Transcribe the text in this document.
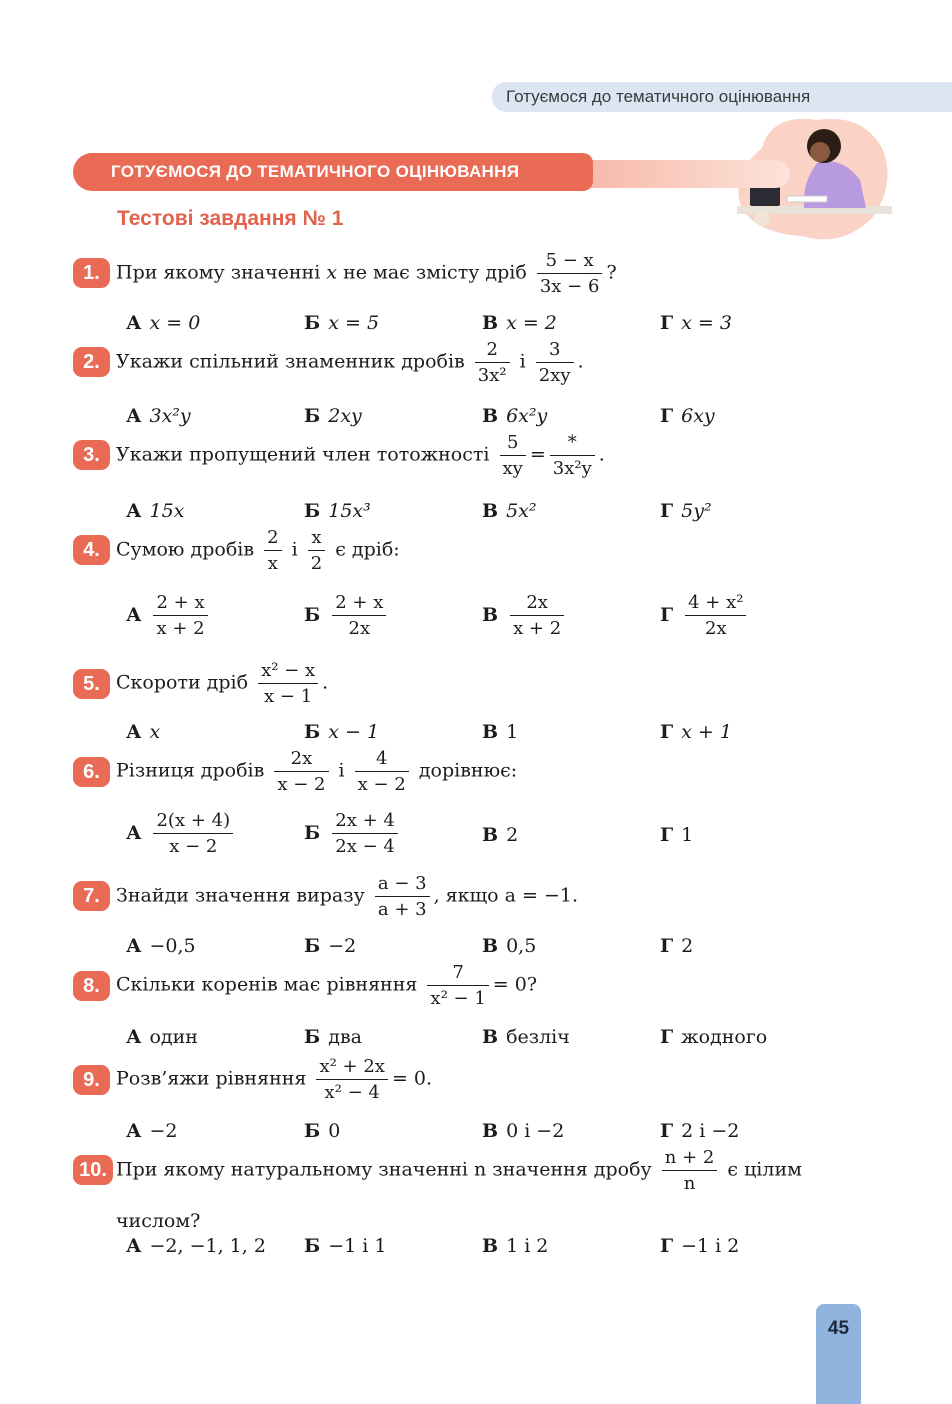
Готуємося до тематичного оцінювання
ГОТУЄМОСЯ ДО ТЕМАТИЧНОГО ОЦІНЮВАННЯ
Тестові завдання № 1
1. При якому значенні x не має змісту дріб $\frac{5 - x}{3x - 6}$ ?
А x = 0	Б x = 5	В x = 2	Г x = 3
2. Укажи спільний знаменник дробів $\frac{2}{\text{3x²}}$ і $\frac{3}{2xy}$ .
А 3x²y	Б 2xy	В 6x²y	Г 6xy
3. Укажи пропущений член тотожності $\frac{5}{xy} = \frac{*}{\text{3x²y}}$ .
А 15x	Б 15x³	В 5x²	Г 5y²
4. Сумою дробів $\frac{2}{x}$ і $\frac{x}{2}$ є дріб:
А $\frac{2 + x}{x + 2}$	Б $\frac{2 + x}{2x}$	В $\frac{2x}{x + 2}$	Г $\frac{\text{4 + x²}}{2x}$
5. Скороти дріб $\frac{\text{x² − x}}{x - 1}$ .
А x	Б x − 1	В 1	Г x + 1
6. Різниця дробів $\frac{2x}{x - 2}$ і $\frac{4}{x - 2}$ дорівнює:
А $\frac{2(x + 4)}{x - 2}$	Б $\frac{2x + 4}{2x - 4}$	В 2	Г 1
7. Знайди значення виразу $\frac{a - 3}{a + 3}$ , якщо a = −1.
А −0,5	Б −2	В 0,5	Г 2
8. Скільки коренів має рівняння $\frac{7}{\text{x² − 1}} = 0$?
А один	Б два	В безліч	Г жодного
9. Розв’яжи рівняння $\frac{\text{x² + 2x}}{\text{x² − 4}} = 0$.
А −2	Б 0	В 0 і −2	Г 2 і −2
10. При якому натуральному значенні n значення дробу $\frac{n + 2}{n}$ є цілим
числом?
А −2, −1, 1, 2 Б −1 і 1	В 1 і 2	Г −1 і 2
45
